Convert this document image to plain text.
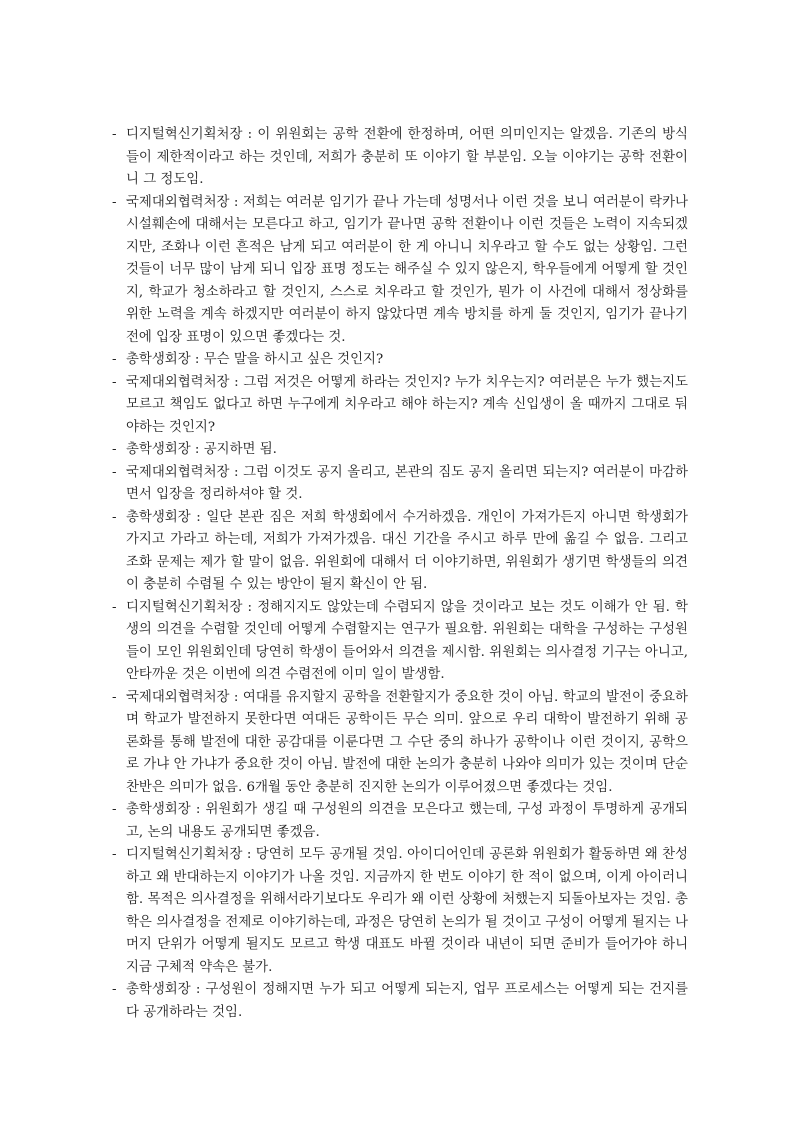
- 디지털혁신기획처장 : 이 위원회는 공학 전환에 한정하며, 어떤 의미인지는 알겠음. 기존의 방식들이 제한적이라고 하는 것인데, 저희가 충분히 또 이야기 할 부분임. 오늘 이야기는 공학 전환이니 그 정도임.
- 국제대외협력처장 : 저희는 여러분 임기가 끝나 가는데 성명서나 이런 것을 보니 여러분이 락카나 시설훼손에 대해서는 모른다고 하고, 임기가 끝나면 공학 전환이나 이런 것들은 노력이 지속되겠지만, 조화나 이런 흔적은 남게 되고 여러분이 한 게 아니니 치우라고 할 수도 없는 상황임. 그런 것들이 너무 많이 남게 되니 입장 표명 정도는 해주실 수 있지 않은지, 학우들에게 어떻게 할 것인지, 학교가 청소하라고 할 것인지, 스스로 치우라고 할 것인가, 뭔가 이 사건에 대해서 정상화를 위한 노력을 계속 하겠지만 여러분이 하지 않았다면 계속 방치를 하게 둘 것인지, 임기가 끝나기 전에 입장 표명이 있으면 좋겠다는 것.
- 총학생회장 : 무슨 말을 하시고 싶은 것인지?
- 국제대외협력처장 : 그럼 저것은 어떻게 하라는 것인지? 누가 치우는지? 여러분은 누가 했는지도 모르고 책임도 없다고 하면 누구에게 치우라고 해야 하는지? 계속 신입생이 올 때까지 그대로 둬야하는 것인지?
- 총학생회장 : 공지하면 됨.
- 국제대외협력처장 : 그럼 이것도 공지 올리고, 본관의 짐도 공지 올리면 되는지? 여러분이 마감하면서 입장을 정리하셔야 할 것.
- 총학생회장 : 일단 본관 짐은 저희 학생회에서 수거하겠음. 개인이 가져가든지 아니면 학생회가 가지고 가라고 하는데, 저희가 가져가겠음. 대신 기간을 주시고 하루 만에 옮길 수 없음. 그리고 조화 문제는 제가 할 말이 없음. 위원회에 대해서 더 이야기하면, 위원회가 생기면 학생들의 의견이 충분히 수렴될 수 있는 방안이 될지 확신이 안 됨.
- 디지털혁신기획처장 : 정해지지도 않았는데 수렴되지 않을 것이라고 보는 것도 이해가 안 됨. 학생의 의견을 수렴할 것인데 어떻게 수렴할지는 연구가 필요함. 위원회는 대학을 구성하는 구성원들이 모인 위원회인데 당연히 학생이 들어와서 의견을 제시함. 위원회는 의사결정 기구는 아니고, 안타까운 것은 이번에 의견 수렴전에 이미 일이 발생함.
- 국제대외협력처장 : 여대를 유지할지 공학을 전환할지가 중요한 것이 아님. 학교의 발전이 중요하며 학교가 발전하지 못한다면 여대든 공학이든 무슨 의미. 앞으로 우리 대학이 발전하기 위해 공론화를 통해 발전에 대한 공감대를 이룬다면 그 수단 중의 하나가 공학이나 이런 것이지, 공학으로 가냐 안 가냐가 중요한 것이 아님. 발전에 대한 논의가 충분히 나와야 의미가 있는 것이며 단순 찬반은 의미가 없음. 6개월 동안 충분히 진지한 논의가 이루어졌으면 좋겠다는 것임.
- 총학생회장 : 위원회가 생길 때 구성원의 의견을 모은다고 했는데, 구성 과정이 투명하게 공개되고, 논의 내용도 공개되면 좋겠음.
- 디지털혁신기획처장 : 당연히 모두 공개될 것임. 아이디어인데 공론화 위원회가 활동하면 왜 찬성하고 왜 반대하는지 이야기가 나올 것임. 지금까지 한 번도 이야기 한 적이 없으며, 이게 아이러니 함. 목적은 의사결정을 위해서라기보다도 우리가 왜 이런 상황에 처했는지 되돌아보자는 것임. 총학은 의사결정을 전제로 이야기하는데, 과정은 당연히 논의가 될 것이고 구성이 어떻게 될지는 나머지 단위가 어떻게 될지도 모르고 학생 대표도 바뀔 것이라 내년이 되면 준비가 들어가야 하니 지금 구체적 약속은 불가.
- 총학생회장 : 구성원이 정해지면 누가 되고 어떻게 되는지, 업무 프로세스는 어떻게 되는 건지를 다 공개하라는 것임.
